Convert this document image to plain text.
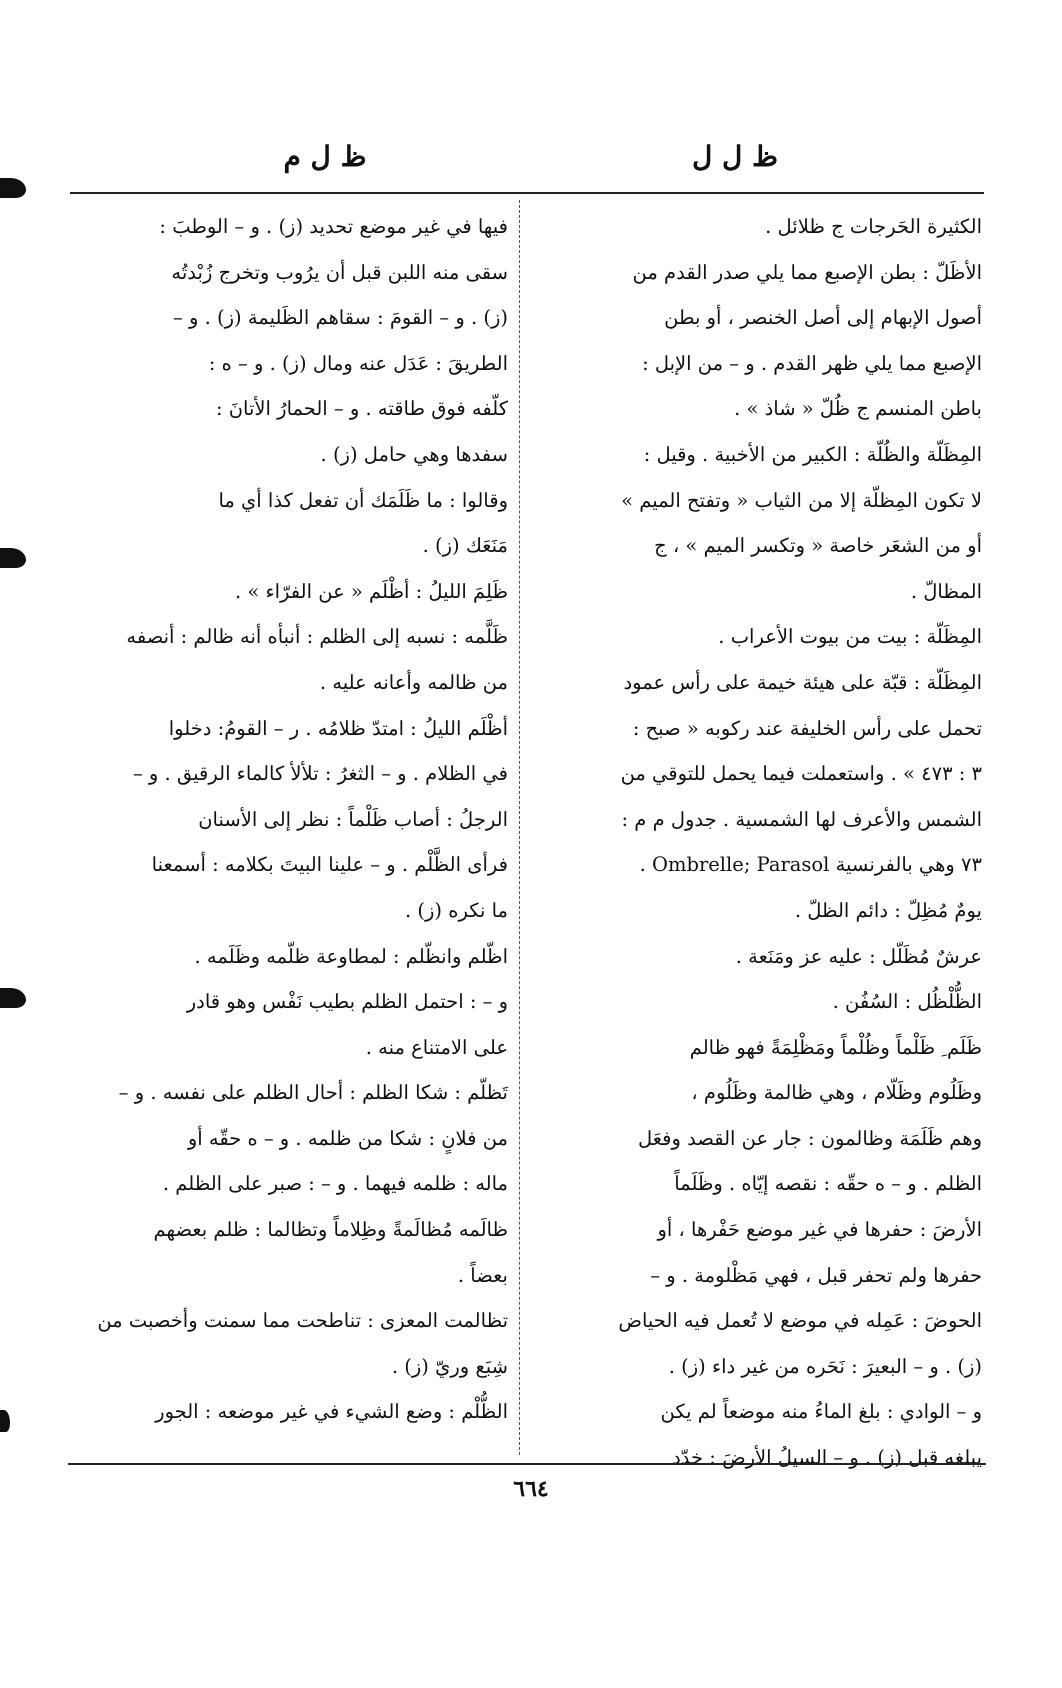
ظ ل ل
ظ ل م
الكثيرة الحَرجات ج ظلائل .
الأظَلّ : بطن الإصبع مما يلي صدر القدم من
أصول الإبهام إلى أصل الخنصر ، أو بطن
الإصبع مما يلي ظهر القدم . و – من الإبل :
باطن المنسم ج ظُلّ « شاذ » .
المِظَلّة والظُلّة : الكبير من الأخبية . وقيل :
لا تكون المِظلّة إلا من الثياب « وتفتح الميم »
أو من الشعَر خاصة « وتكسر الميم » ، ج
المظالّ .
المِظَلّة : بيت من بيوت الأعراب .
المِظَلّة : قبّة على هيئة خيمة على رأس عمود
تحمل على رأس الخليفة عند ركوبه « صبح :
٣ : ٤٧٣ » . واستعملت فيما يحمل للتوقي من
الشمس والأعرف لها الشمسية . جدول م م :
٧٣ وهي بالفرنسية Ombrelle; Parasol .
يومٌ مُظِلّ : دائم الظلّ .
عرشٌ مُظَلّل : عليه عز ومَنَعة .
الظُّلْظُل : السُفُن .
ظَلَم ِ ظَلْماً وظُلْماً ومَظْلِمَةً فهو ظالم
وظَلُوم وظَلّام ، وهي ظالمة وظَلُوم ،
وهم ظَلَمَة وظالمون : جار عن القصد وفعَل
الظلم . و – ه حقّه : نقصه إيّاه . وظَلَماً
الأرضَ : حفرها في غير موضع حَفْرها ، أو
حفرها ولم تحفر قبل ، فهي مَظْلومة . و –
الحوضَ : عَمِله في موضع لا تُعمل فيه الحياض
(ز) . و – البعيرَ : نَحَره من غير داء (ز) .
و – الوادي : بلغ الماءُ منه موضعاً لم يكن
يبلغه قبل (ز) . و – السيلُ الأرضَ : خدّد
فيها في غير موضع تحديد (ز) . و – الوطبَ :
سقى منه اللبن قبل أن يرُوب وتخرج زُبْدتُه
(ز) . و – القومَ : سقاهم الظَليمة (ز) . و –
الطريقَ : عَدَل عنه ومال (ز) . و – ه :
كلّفه فوق طاقته . و – الحمارُ الأتانَ :
سفدها وهي حامل (ز) .
وقالوا : ما ظَلَمَك أن تفعل كذا أي ما
مَنَعَك (ز) .
ظَلِمَ الليلُ : أظْلَم « عن الفرّاء » .
ظَلَّمه : نسبه إلى الظلم : أنبأه أنه ظالم : أنصفه
من ظالمه وأعانه عليه .
أظْلَم الليلُ : امتدّ ظلامُه . ر – القومُ: دخلوا
في الظلام . و – الثغرُ : تلألأ كالماء الرقيق . و –
الرجلُ : أصاب ظَلْماً : نظر إلى الأسنان
فرأى الظَّلْم . و – علينا البيتَ بكلامه : أسمعنا
ما نكره (ز) .
اظّلم وانظّلم : لمطاوعة ظلّمه وظَلَمه .
و – : احتمل الظلم بطيب نَفْس وهو قادر
على الامتناع منه .
تَظلّم : شكا الظلم : أحال الظلم على نفسه . و –
من فلانٍ : شكا من ظلمه . و – ه حقّه أو
ماله : ظلمه فيهما . و – : صبر على الظلم .
ظالَمه مُظالَمةً وظِلاماً وتظالما : ظلم بعضهم
بعضاً .
تظالمت المعزى : تناطحت مما سمنت وأخصبت من
شِبَع وريّ (ز) .
الظُّلْم : وضع الشيء في غير موضعه : الجور
٦٦٤
